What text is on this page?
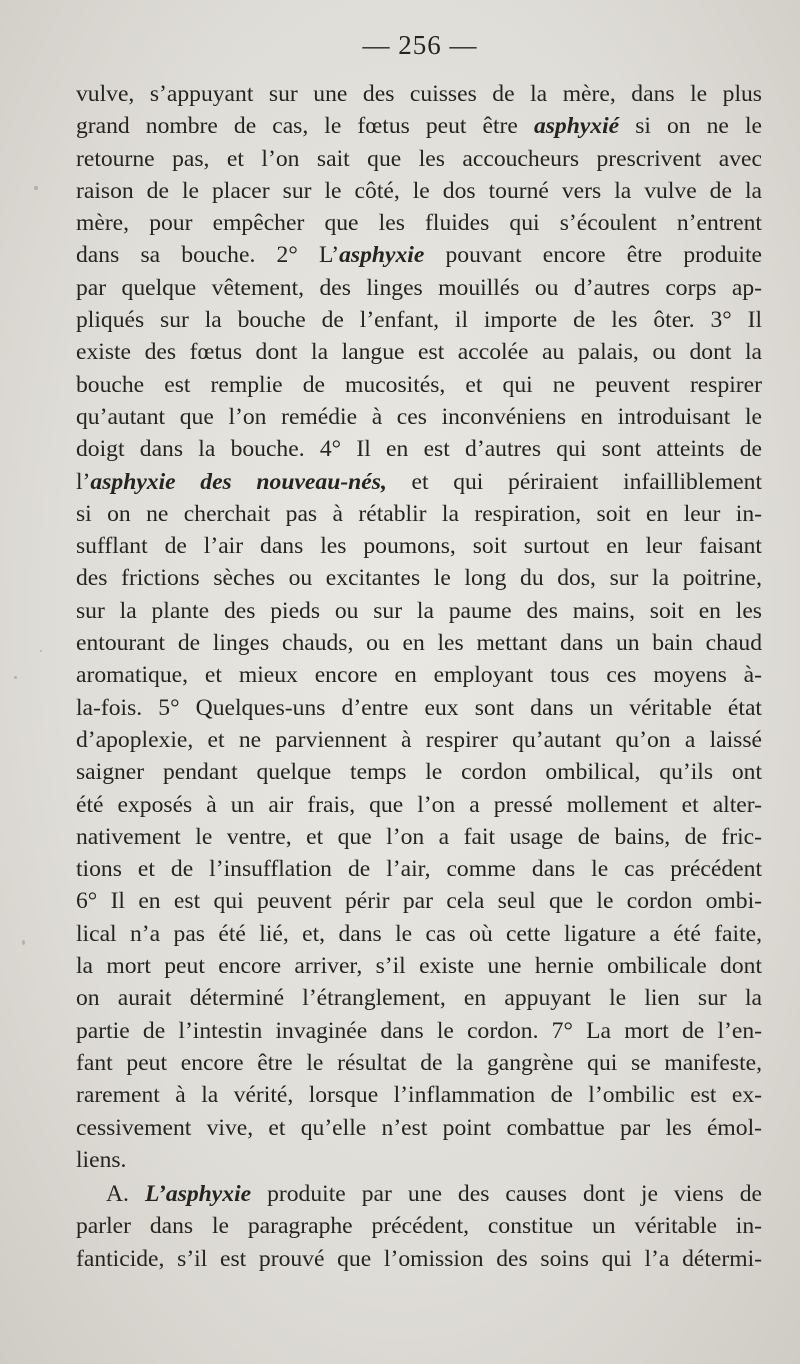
— 256 —
vulve, s’appuyant sur une des cuisses de la mère, dans le plus
grand nombre de cas, le fœtus peut être asphyxié si on ne le
retourne pas, et l’on sait que les accoucheurs prescrivent avec
raison de le placer sur le côté, le dos tourné vers la vulve de la
mère, pour empêcher que les fluides qui s’écoulent n’entrent
dans sa bouche. 2° L’asphyxie pouvant encore être produite
par quelque vêtement, des linges mouillés ou d’autres corps ap-
pliqués sur la bouche de l’enfant, il importe de les ôter. 3° Il
existe des fœtus dont la langue est accolée au palais, ou dont la
bouche est remplie de mucosités, et qui ne peuvent respirer
qu’autant que l’on remédie à ces inconvéniens en introduisant le
doigt dans la bouche. 4° Il en est d’autres qui sont atteints de
l’asphyxie des nouveau-nés, et qui périraient infailliblement
si on ne cherchait pas à rétablir la respiration, soit en leur in-
sufflant de l’air dans les poumons, soit surtout en leur faisant
des frictions sèches ou excitantes le long du dos, sur la poitrine,
sur la plante des pieds ou sur la paume des mains, soit en les
entourant de linges chauds, ou en les mettant dans un bain chaud
aromatique, et mieux encore en employant tous ces moyens à-
la-fois. 5° Quelques-uns d’entre eux sont dans un véritable état
d’apoplexie, et ne parviennent à respirer qu’autant qu’on a laissé
saigner pendant quelque temps le cordon ombilical, qu’ils ont
été exposés à un air frais, que l’on a pressé mollement et alter-
nativement le ventre, et que l’on a fait usage de bains, de fric-
tions et de l’insufflation de l’air, comme dans le cas précédent
6° Il en est qui peuvent périr par cela seul que le cordon ombi-
lical n’a pas été lié, et, dans le cas où cette ligature a été faite,
la mort peut encore arriver, s’il existe une hernie ombilicale dont
on aurait déterminé l’étranglement, en appuyant le lien sur la
partie de l’intestin invaginée dans le cordon. 7° La mort de l’en-
fant peut encore être le résultat de la gangrène qui se manifeste,
rarement à la vérité, lorsque l’inflammation de l’ombilic est ex-
cessivement vive, et qu’elle n’est point combattue par les émol-
liens.
A. L’asphyxie produite par une des causes dont je viens de
parler dans le paragraphe précédent, constitue un véritable in-
fanticide, s’il est prouvé que l’omission des soins qui l’a détermi-
